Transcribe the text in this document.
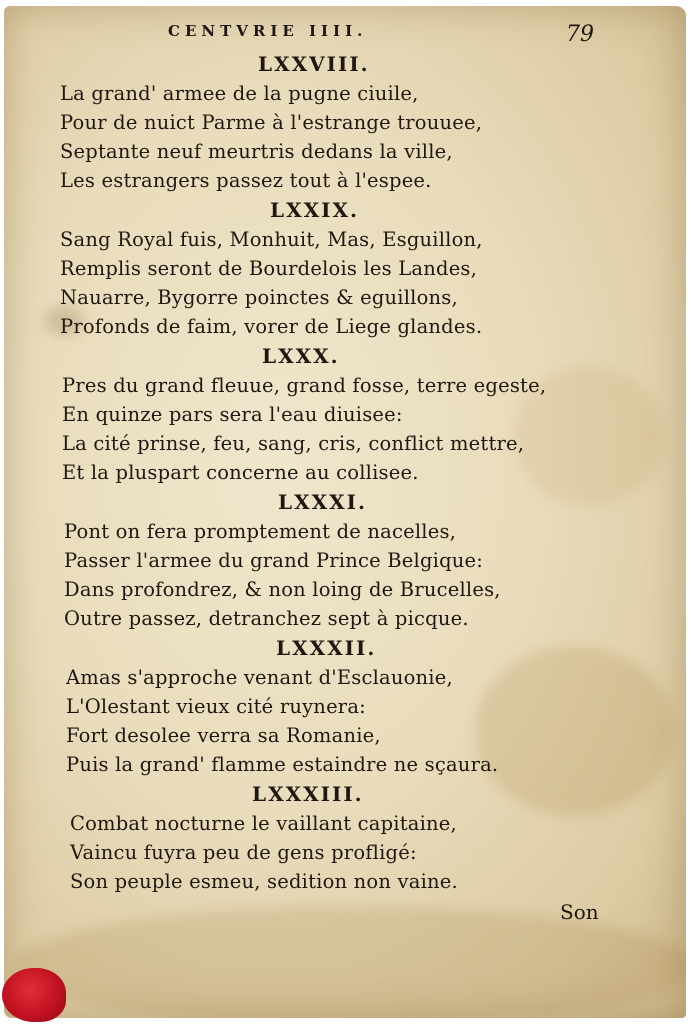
CENTVRIE IIII.	79
LXXVIII.
La grand' armee de la pugne ciuile,
Pour de nuict Parme à l'estrange trouuee,
Septante neuf meurtris dedans la ville,
Les estrangers passez tout à l'espee.
LXXIX.
Sang Royal fuis, Monhuit, Mas, Esguillon,
Remplis seront de Bourdelois les Landes,
Nauarre, Bygorre poinctes & eguillons,
Profonds de faim, vorer de Liege glandes.
LXXX.
Pres du grand fleuue, grand fosse, terre egeste,
En quinze pars sera l'eau diuisee:
La cité prinse, feu, sang, cris, conflict mettre,
Et la pluspart concerne au collisee.
LXXXI.
Pont on fera promptement de nacelles,
Passer l'armee du grand Prince Belgique:
Dans profondrez, & non loing de Brucelles,
Outre passez, detranchez sept à picque.
LXXXII.
Amas s'approche venant d'Esclauonie,
L'Olestant vieux cité ruynera:
Fort desolee verra sa Romanie,
Puis la grand' flamme estaindre ne sçaura.
LXXXIII.
Combat nocturne le vaillant capitaine,
Vaincu fuyra peu de gens profligé:
Son peuple esmeu, sedition non vaine.
Son
